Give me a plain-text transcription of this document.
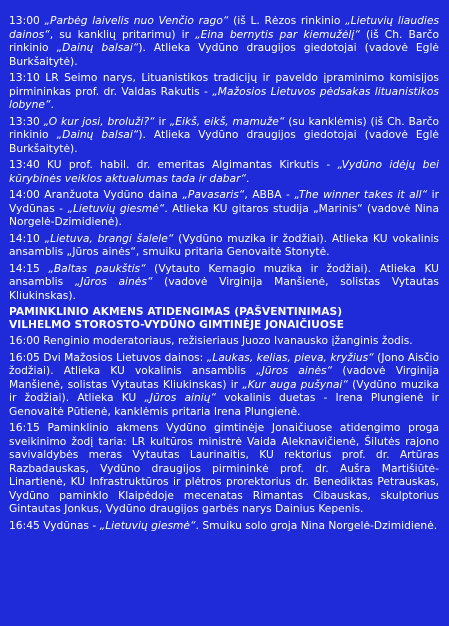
13:00 „Parbėg laivelis nuo Venčio rago“ (iš L. Rėzos rinkinio „Lietuvių liaudies dainos“, su kanklių pritarimu) ir „Eina bernytis par kiemužėlį“ (iš Ch. Barčo rinkinio „Dainų balsai“). Atlieka Vydūno draugijos giedotojai (vadovė Eglė Burkšaitytė).

13:10 LR Seimo narys, Lituanistikos tradicijų ir paveldo įpraminimo komisijos pirmininkas prof. dr. Valdas Rakutis - „Mažosios Lietuvos pėdsakas lituanistikos lobyne“.

13:30 „O kur josi, broluži?“ ir „Eikš, eikš, mamuže“ (su kanklėmis) (iš Ch. Barčo rinkinio „Dainų balsai“). Atlieka Vydūno draugijos giedotojai (vadovė Eglė Burkšaitytė).

13:40 KU prof. habil. dr. emeritas Algimantas Kirkutis - „Vydūno idėjų bei kūrybinės veiklos aktualumas tada ir dabar“.

14:00 Aranžuota Vydūno daina „Pavasaris“, ABBA - „The winner takes it all“ ir Vydūnas - „Lietuvių giesmė“. Atlieka KU gitaros studija „Marinis“ (vadovė Nina Norgelė-Dzimidienė).

14:10 „Lietuva, brangi šalele“ (Vydūno muzika ir žodžiai). Atlieka KU vokalinis ansamblis „Jūros ainės“, smuiku pritaria Genovaitė Stonytė.

14:15 „Baltas paukštis“ (Vytauto Kernagio muzika ir žodžiai). Atlieka KU ansamblis „Jūros ainės“ (vadovė Virginija Manšienė, solistas Vytautas Kliukinskas).

PAMINKLINIO AKMENS ATIDENGIMAS (PAŠVENTINIMAS)
VILHELMO STOROSTO-VYDŪNO GIMTINĖJE JONAIČIUOSE

16:00 Renginio moderatoriaus, režisieriaus Juozo Ivanausko įžanginis žodis.

16:05 Dvi Mažosios Lietuvos dainos: „Laukas, kelias, pieva, kryžius“ (Jono Aisčio žodžiai). Atlieka KU vokalinis ansamblis „Jūros ainės“ (vadovė Virginija Manšienė, solistas Vytautas Kliukinskas) ir „Kur auga pušynai“ (Vydūno muzika ir žodžiai). Atlieka KU „Jūros ainių“ vokalinis duetas - Irena Plungienė ir Genovaitė Pūtienė, kanklėmis pritaria Irena Plungienė.

16:15 Paminklinio akmens Vydūno gimtinėje Jonaičiuose atidengimo proga sveikinimo žodį taria: LR kultūros ministrė Vaida Aleknavičienė, Šilutės rajono savivaldybės meras Vytautas Laurinaitis, KU rektorius prof. dr. Artūras Razbadauskas, Vydūno draugijos pirmininkė prof. dr. Aušra Martišiūtė-Linartienė, KU Infrastruktūros ir plėtros prorektorius dr. Benediktas Petrauskas, Vydūno paminklo Klaipėdoje mecenatas Rimantas Cibauskas, skulptorius Gintautas Jonkus, Vydūno draugijos garbės narys Dainius Kepenis.

16:45 Vydūnas - „Lietuvių giesmė“. Smuiku solo groja Nina Norgelė-Dzimidienė.
